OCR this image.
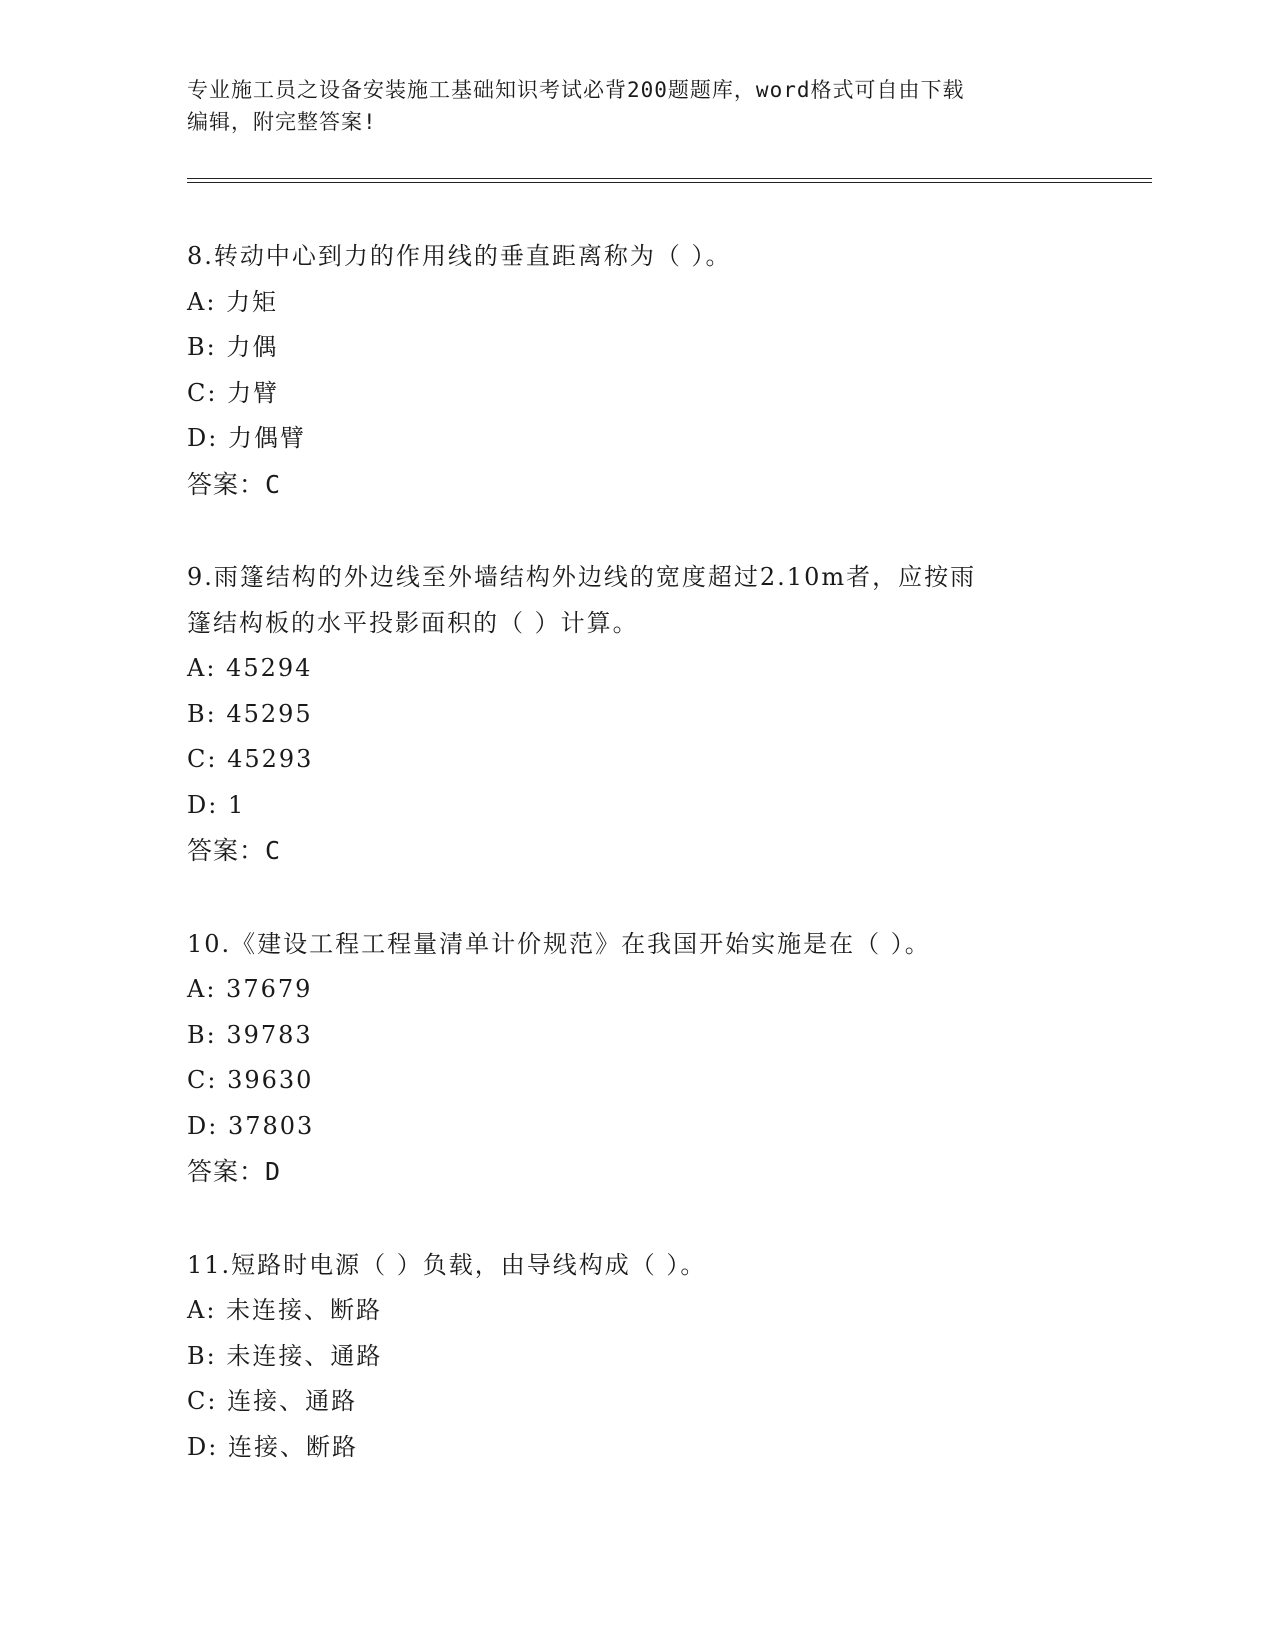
专业施工员之设备安装施工基础知识考试必背200题题库，word格式可自由下载
编辑，附完整答案!
8.转动中心到力的作用线的垂直距离称为（ ）。
A: 力矩
B: 力偶
C: 力臂
D: 力偶臂
答案：C
9.雨篷结构的外边线至外墙结构外边线的宽度超过2.10m者，应按雨
篷结构板的水平投影面积的（ ）计算。
A: 45294
B: 45295
C: 45293
D: 1
答案：C
10.《建设工程工程量清单计价规范》在我国开始实施是在（ ）。
A: 37679
B: 39783
C: 39630
D: 37803
答案：D
11.短路时电源（ ）负载，由导线构成（ ）。
A: 未连接、断路
B: 未连接、通路
C: 连接、通路
D: 连接、断路
